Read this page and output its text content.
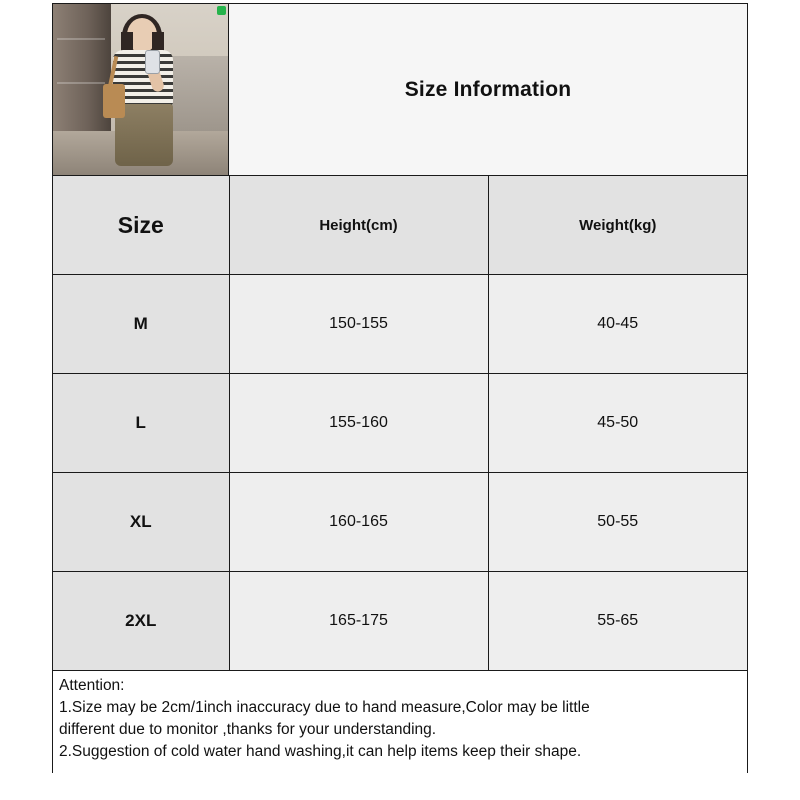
Size Information
Size	Height(cm)	Weight(kg)
M	150-155	40-45
L	155-160	45-50
XL	160-165	50-55
2XL	165-175	55-65
Attention:
1.Size may be 2cm/1inch inaccuracy due to hand measure,Color may be little
different due to monitor ,thanks for your understanding.
2.Suggestion of cold water hand washing,it can help items keep their shape.
